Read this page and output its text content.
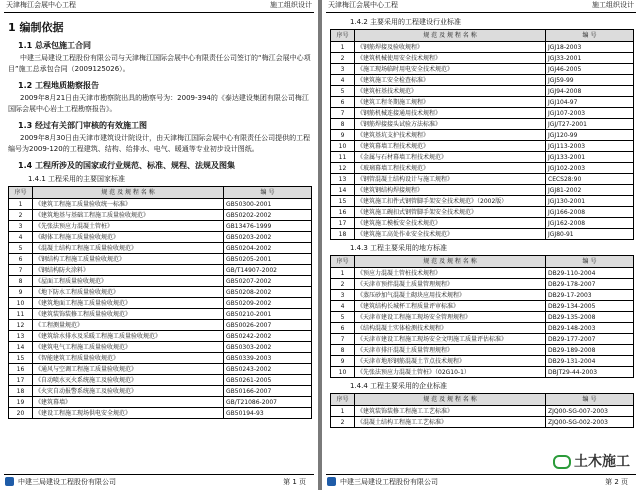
天津梅江会展中心工程	施工组织设计
1 编制依据
1.1 总承包施工合同

中建三局建设工程股份有限公司与天津梅江国际会展中心有限责任公司签订的“梅江会展中心项目”施工总承包合同（2009125026）。

1.2 工程地质勘察报告

2009年8月21日由天津市勘察院出具的勘察号为：2009-394的《泰达建设集团有限公司梅江国际会展中心岩土工程勘察报告》。

1.3 经过有关部门审核的有效施工图

2009年8月30日由天津市建筑设计院设计，由天津梅江国际会展中心有限责任公司提供的工程编号为2009-120的工程建筑、结构、给排水、电气、暖通等专业初步设计图纸。

1.4 工程所涉及的国家或行业规范、标准、规程、法规及图集
1.4.1 工程采用的主要国家标准
序号	规 范 及 规 程 名 称	编 号
1	《建筑工程施工质量验收统一标准》	GB50300-2001
2	《建筑地基与基础工程施工质量验收规范》	GB50202-2002
3	《先张法预应力混凝土管桩》	GB13476-1999
4	《砌体工程施工质量验收规范》	GB50203-2002
5	《混凝土结构工程施工质量验收规范》	GB50204-2002
6	《钢结构工程施工质量验收规范》	GB50205-2001
7	《钢结构防火涂料》	GB/T14907-2002
8	《屋面工程质量验收规范》	GB50207-2002
9	《地下防水工程质量验收规范》	GB50208-2002
10	《建筑地面工程施工质量验收规范》	GB50209-2002
11	《建筑装饰装修工程质量验收规范》	GB50210-2001
12	《工程测量规范》	GB50026-2007
13	《建筑给水排水及采暖工程施工质量验收规范》	GB50242-2002
14	《建筑电气工程施工质量验收规范》	GB50303-2002
15	《智能建筑工程质量验收规范》	GB50339-2003
16	《通风与空调工程施工质量验收规范》	GB50243-2002
17	《自动喷水灭火系统施工及验收规范》	GB50261-2005
18	《火灾自动报警系统施工及验收规范》	GB50166-2007
19	《建筑幕墙》	GB/T21086-2007
20	《建设工程施工现场供电安全规范》	GB50194-93
中建三局建设工程股份有限公司	第 1 页
天津梅江会展中心工程	施工组织设计
1.4.2 主要采用的工程建设行业标准
序号	规 范 及 规 程 名 称	编 号
1	《钢筋焊接及验收规程》	JGJ18-2003
2	《建筑机械使用安全技术规程》	JGJ33-2001
3	《施工现场临时用电安全技术规范》	JGJ46-2005
4	《建筑施工安全检查标准》	JGJ59-99
5	《建筑桩基技术规范》	JGJ94-2008
6	《建筑工程冬期施工规程》	JGJ104-97
7	《钢筋机械连接通用技术规程》	JGJ107-2003
8	《钢筋焊接接头试验方法标准》	JGJ/T27-2001
9	《建筑基坑支护技术规程》	JGJ120-99
10	《建筑幕墙工程技术规范》	JGJ113-2003
11	《金属与石材幕墙工程技术规范》	JGJ133-2001
12	《玻璃幕墙工程技术规范》	JGJ102-2003
13	《钢管混凝土结构设计与施工规程》	CECS28:90
14	《建筑钢结构焊接规程》	JGJ81-2002
15	《建筑施工扣件式钢管脚手架安全技术规范》（2002版）	JGJ130-2001
16	《建筑施工碗扣式钢管脚手架安全技术规范》	JGJ166-2008
17	《建筑施工模板安全技术规范》	JGJ162-2008
18	《建筑施工高处作业安全技术规范》	JGJ80-91
1.4.3 工程主要采用的地方标准
序号	规 范 及 规 程 名 称	编 号
1	《预应力混凝土管桩技术规程》	DB29-110-2004
2	《天津市预拌混凝土质量管理规程》	DB29-178-2007
3	《蒸压砂加气混凝土砌块应用技术规程》	DB29-17-2003
4	《建筑结构长城杯工程质量评审标准》	DB29-134-2005
5	《天津市建设工程施工现场安全管理规程》	DB29-135-2008
6	《结构混凝土实体检测技术规程》	DB29-148-2003
7	《天津市建设工程施工现场安全文明施工质量评估标准》	DB29-177-2007
8	《天津市排汗混凝土质量管理规程》	DB29-189-2008
9	《天津市地形钢筋混凝土节点技术规程》	DB29-131-2004
10	《先张法预应力混凝土管桩》（02G10-1）	DBJT29-44-2003
1.4.4 工程主要采用的企业标准
序号	规 范 及 规 程 名 称	编 号
1	《建筑装饰装修工程施工工艺标准》	ZJQ00-SG-007-2003
2	《混凝土结构工程施工工艺标准》	ZJQ00-SG-002-2003
土木施工
中建三局建设工程股份有限公司	第 2 页
